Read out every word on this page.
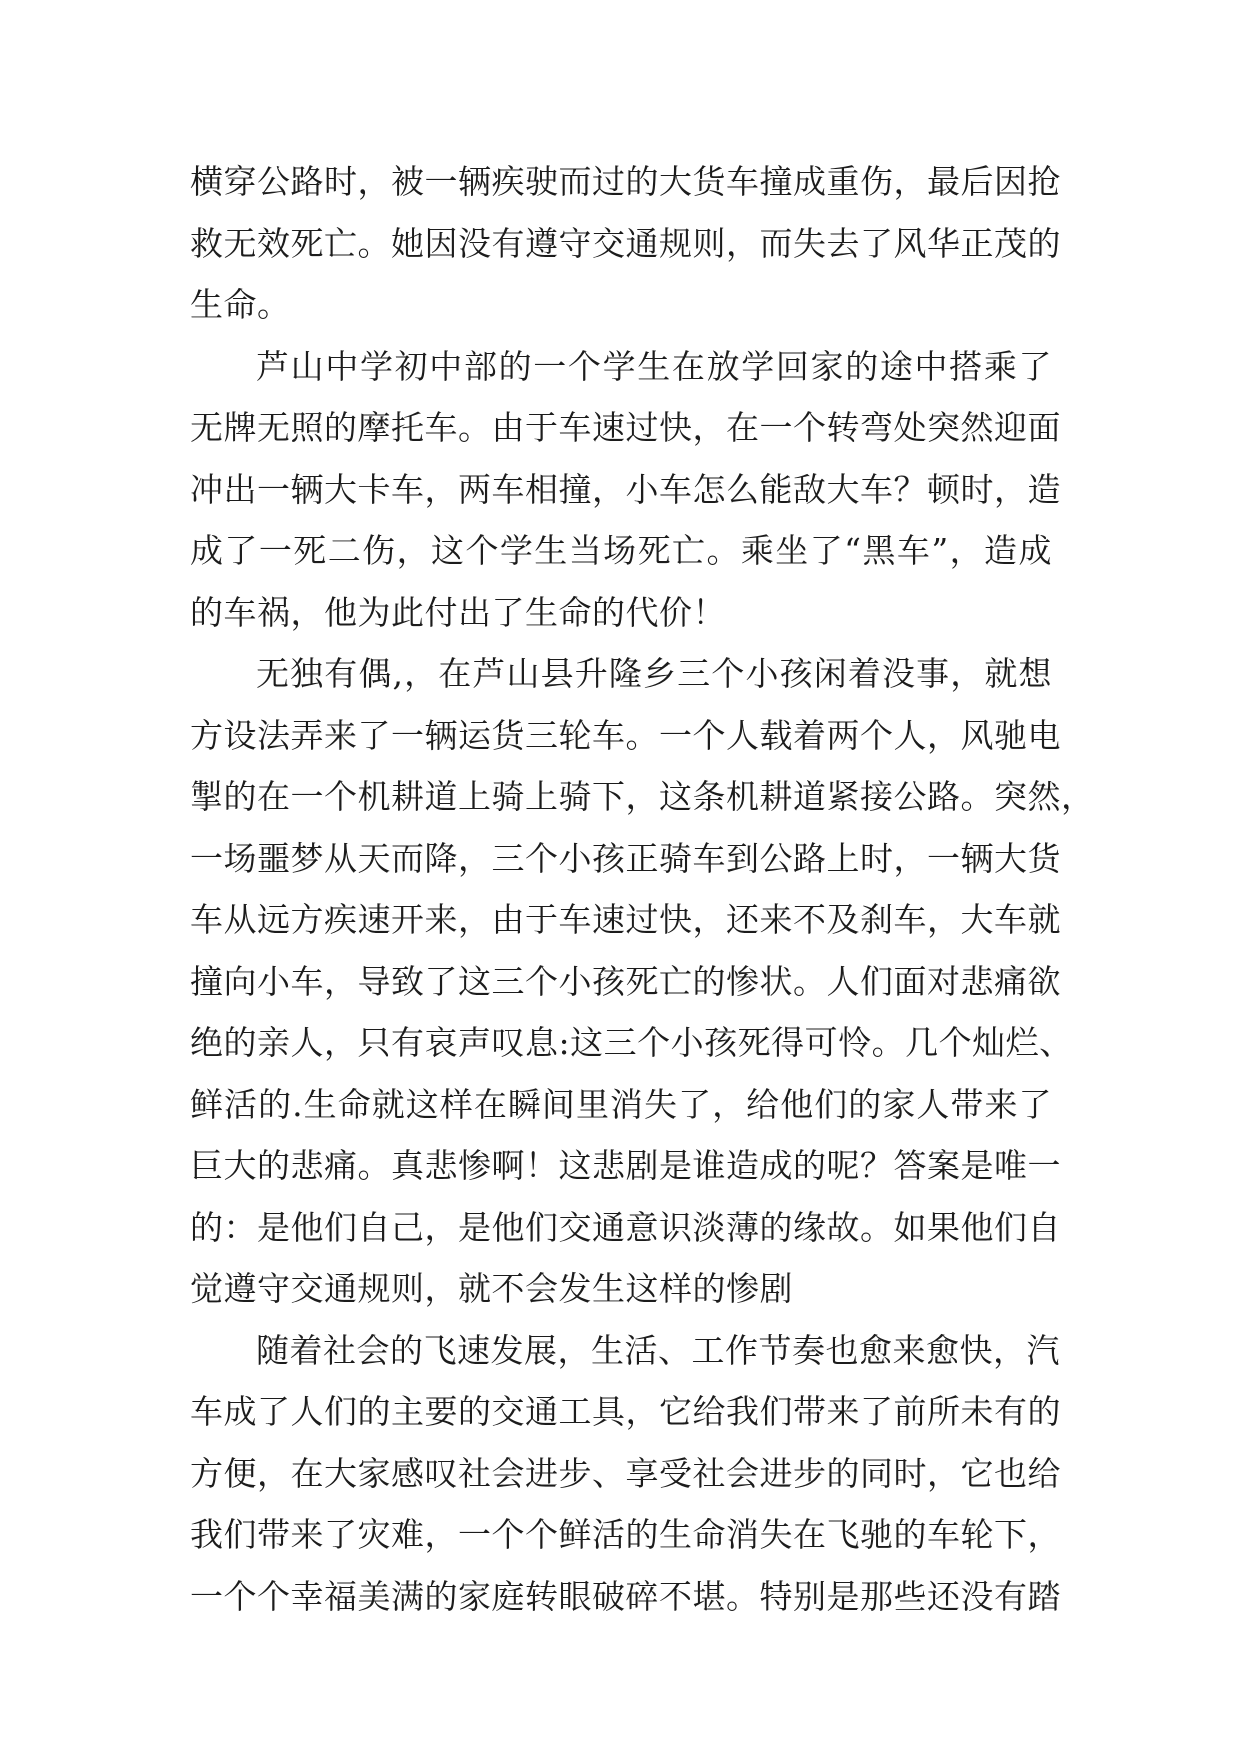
横穿公路时，被一辆疾驶而过的大货车撞成重伤，最后因抢
救无效死亡。她因没有遵守交通规则，而失去了风华正茂的
生命。
芦山中学初中部的一个学生在放学回家的途中搭乘了
无牌无照的摩托车。由于车速过快，在一个转弯处突然迎面
冲出一辆大卡车，两车相撞，小车怎么能敌大车？顿时，造
成了一死二伤，这个学生当场死亡。乘坐了“黑车”，造成
的车祸，他为此付出了生命的代价！
无独有偶,，在芦山县升隆乡三个小孩闲着没事，就想
方设法弄来了一辆运货三轮车。一个人载着两个人，风驰电
掣的在一个机耕道上骑上骑下，这条机耕道紧接公路。突然，
一场噩梦从天而降，三个小孩正骑车到公路上时，一辆大货
车从远方疾速开来，由于车速过快，还来不及刹车，大车就
撞向小车，导致了这三个小孩死亡的惨状。人们面对悲痛欲
绝的亲人，只有哀声叹息:这三个小孩死得可怜。几个灿烂、
鲜活的.生命就这样在瞬间里消失了，给他们的家人带来了
巨大的悲痛。真悲惨啊！这悲剧是谁造成的呢？答案是唯一
的：是他们自己，是他们交通意识淡薄的缘故。如果他们自
觉遵守交通规则，就不会发生这样的惨剧
随着社会的飞速发展，生活、工作节奏也愈来愈快，汽
车成了人们的主要的交通工具，它给我们带来了前所未有的
方便，在大家感叹社会进步、享受社会进步的同时，它也给
我们带来了灾难，一个个鲜活的生命消失在飞驰的车轮下，
一个个幸福美满的家庭转眼破碎不堪。特别是那些还没有踏
